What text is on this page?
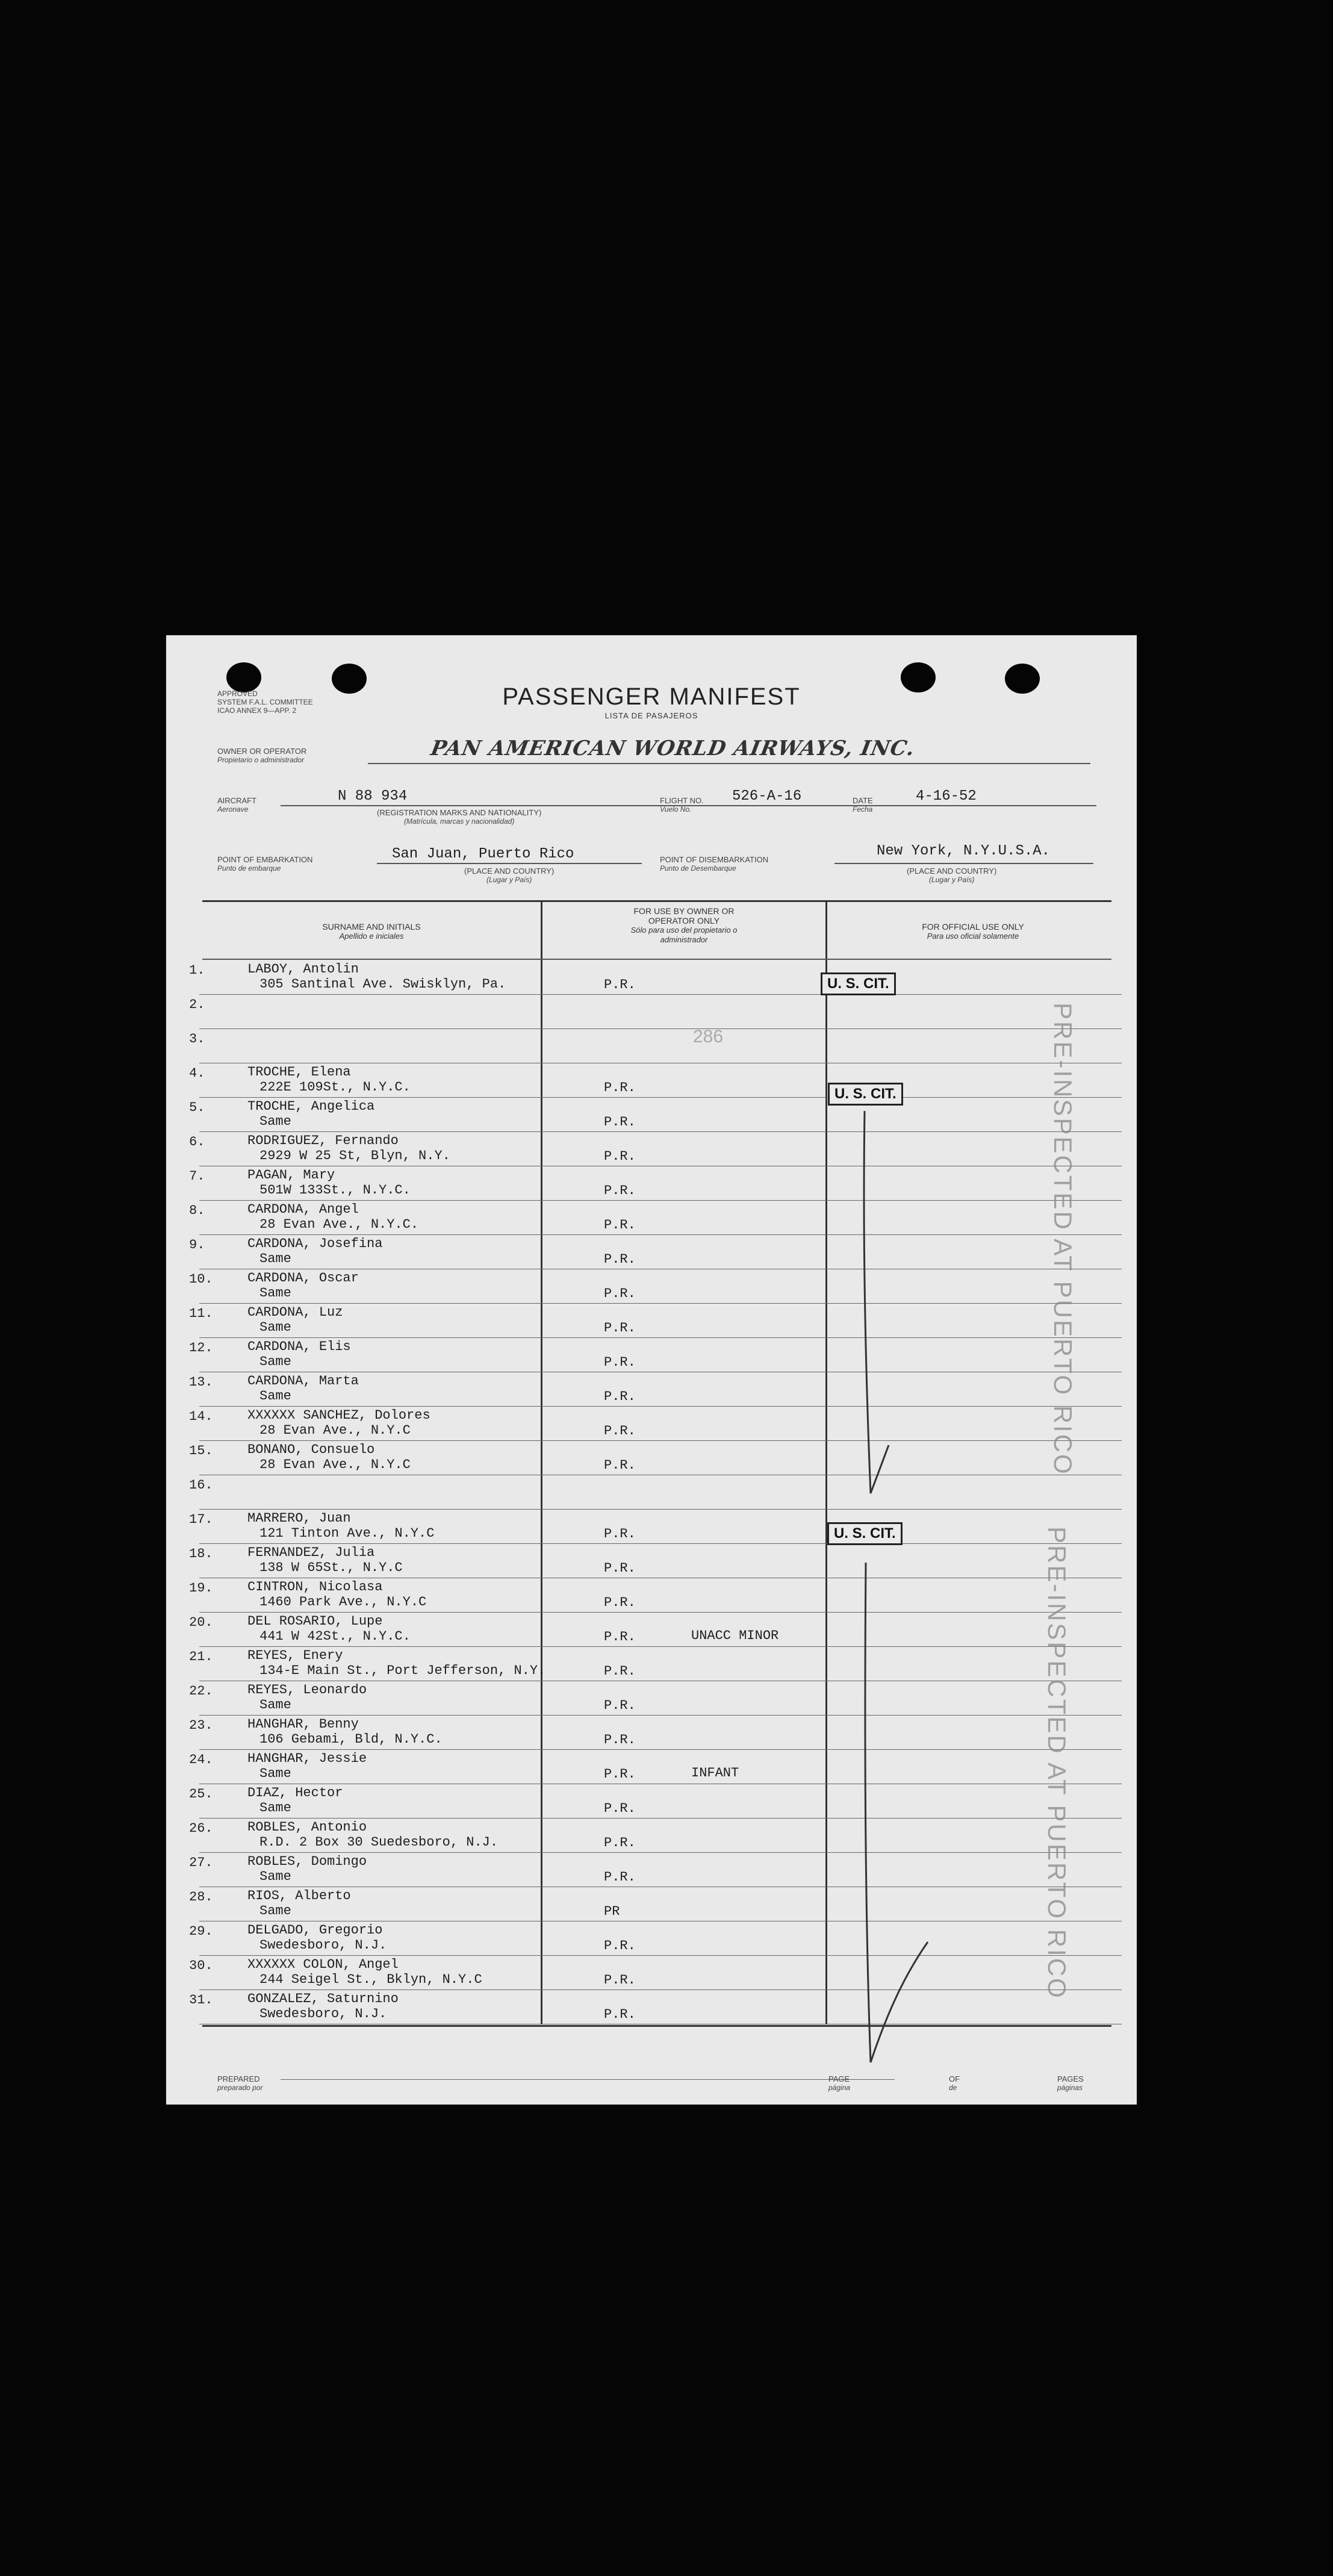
APPROVED
SYSTEM F.A.L. COMMITTEE
ICAO ANNEX 9—APP. 2
PASSENGER MANIFEST
LISTA DE PASAJEROS
OWNER OR OPERATOR
Propietario o administrador	PAN AMERICAN WORLD AIRWAYS, INC.
AIRCRAFT
Aeronave
N 88 934
(REGISTRATION MARKS AND NATIONALITY)
(Matrícula, marcas y nacionalidad)
FLIGHT NO.
Vuelo No.
526-A-16	DATE
Fecha
4-16-52
POINT OF EMBARKATION
Punto de embarque
San Juan, Puerto Rico
(PLACE AND COUNTRY)
(Lugar y País)
POINT OF DISEMBARKATION
Punto de Desembarque
New York, N.Y.U.S.A.
(PLACE AND COUNTRY)
(Lugar y País)
SURNAME AND INITIALS
Apellido e iniciales
FOR USE BY OWNER OR OPERATOR ONLY
Sólo para uso del propietario o administrador
FOR OFFICIAL USE ONLY
Para uso oficial solamente
1.	LABOY, Antolin
305 Santinal Ave. Swisklyn, Pa.	P.R.
2.
3.
4.	TROCHE, Elena
222E 109St., N.Y.C.	P.R.
5.	TROCHE, Angelica
Same	P.R.
6.	RODRIGUEZ, Fernando
2929 W 25 St, Blyn, N.Y.	P.R.
7.	PAGAN, Mary
501W 133St., N.Y.C.	P.R.
8.	CARDONA, Angel
28 Evan Ave., N.Y.C.	P.R.
9.	CARDONA, Josefina
Same	P.R.
10.	CARDONA, Oscar
Same	P.R.
11.	CARDONA, Luz
Same	P.R.
12.	CARDONA, Elis
Same	P.R.
13.	CARDONA, Marta
Same	P.R.
14.	XXXXXX SANCHEZ, Dolores
28 Evan Ave., N.Y.C	P.R.
15.	BONANO, Consuelo
28 Evan Ave., N.Y.C	P.R.
16.
17.	MARRERO, Juan
121 Tinton Ave., N.Y.C	P.R.
18.	FERNANDEZ, Julia
138 W 65St., N.Y.C	P.R.
19.	CINTRON, Nicolasa
1460 Park Ave., N.Y.C	P.R.
20.	DEL ROSARIO, Lupe
441 W 42St., N.Y.C.	P.R.	UNACC MINOR
21.	REYES, Enery
134-E Main St., Port Jefferson, N.Y.	P.R.
22.	REYES, Leonardo
Same	P.R.
23.	HANGHAR, Benny
106 Gebami, Bld, N.Y.C.	P.R.
24.	HANGHAR, Jessie
Same	P.R.	INFANT
25.	DIAZ, Hector
Same	P.R.
26.	ROBLES, Antonio
R.D. 2 Box 30 Suedesboro, N.J.	P.R.
27.	ROBLES, Domingo
Same	P.R.
28.	RIOS, Alberto
Same	PR
29.	DELGADO, Gregorio
Swedesboro, N.J.	P.R.
30.	XXXXXX COLON, Angel
244 Seigel St., Bklyn, N.Y.C	P.R.
31.	GONZALEZ, Saturnino
Swedesboro, N.J.	P.R.
286
U. S. CIT.
U. S. CIT.
U. S. CIT.
PRE-INSPECTED AT PUERTO RICO
PRE-INSPECTED AT PUERTO RICO
PREPARED
preparado por
PAGE
página
OF
de
PAGES
páginas
